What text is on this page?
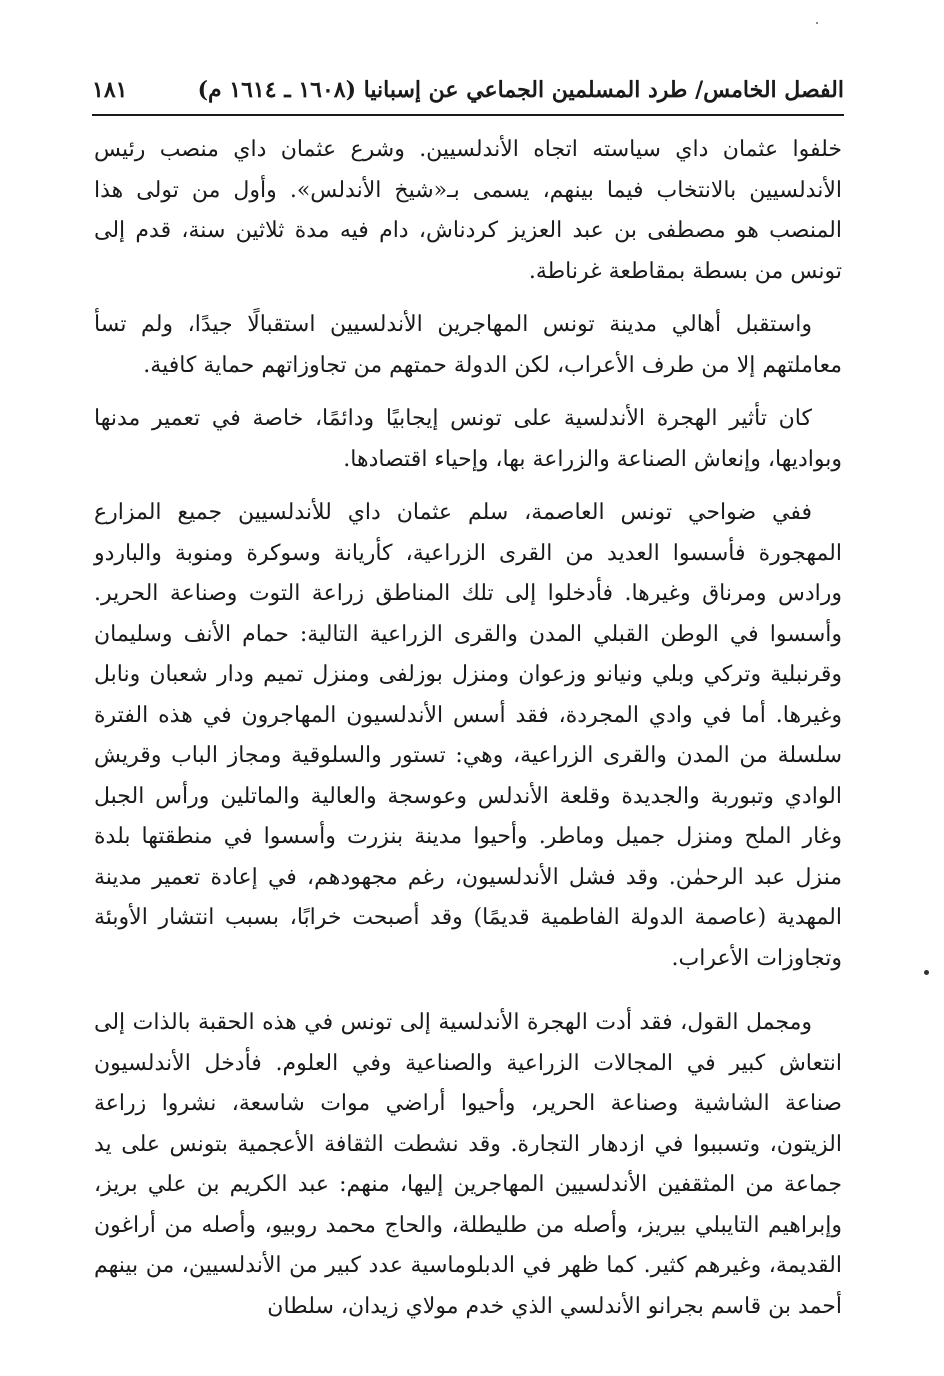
الفصل الخامس/ طرد المسلمين الجماعي عن إسبانيا (١٦٠٨ ـ ١٦١٤ م)
١٨١

خلفوا عثمان داي سياسته اتجاه الأندلسيين. وشرع عثمان داي منصب رئيس الأندلسيين بالانتخاب فيما بينهم، يسمى بـ«شيخ الأندلس». وأول من تولى هذا المنصب هو مصطفى بن عبد العزيز كردناش، دام فيه مدة ثلاثين سنة، قدم إلى تونس من بسطة بمقاطعة غرناطة.

واستقبل أهالي مدينة تونس المهاجرين الأندلسيين استقبالًا جيدًا، ولم تسأ معاملتهم إلا من طرف الأعراب، لكن الدولة حمتهم من تجاوزاتهم حماية كافية.

كان تأثير الهجرة الأندلسية على تونس إيجابيًا ودائمًا، خاصة في تعمير مدنها وبواديها، وإنعاش الصناعة والزراعة بها، وإحياء اقتصادها.

ففي ضواحي تونس العاصمة، سلم عثمان داي للأندلسيين جميع المزارع المهجورة فأسسوا العديد من القرى الزراعية، كأريانة وسوكرة ومنوبة والباردو ورادس ومرناق وغيرها. فأدخلوا إلى تلك المناطق زراعة التوت وصناعة الحرير. وأسسوا في الوطن القبلي المدن والقرى الزراعية التالية: حمام الأنف وسليمان وقرنبلية وتركي وبلي ونيانو وزعوان ومنزل بوزلفى ومنزل تميم ودار شعبان ونابل وغيرها. أما في وادي المجردة، فقد أسس الأندلسيون المهاجرون في هذه الفترة سلسلة من المدن والقرى الزراعية، وهي: تستور والسلوقية ومجاز الباب وقريش الوادي وتبوربة والجديدة وقلعة الأندلس وعوسجة والعالية والماتلين ورأس الجبل وغار الملح ومنزل جميل وماطر. وأحيوا مدينة بنزرت وأسسوا في منطقتها بلدة منزل عبد الرحمٰن. وقد فشل الأندلسيون، رغم مجهودهم، في إعادة تعمير مدينة المهدية (عاصمة الدولة الفاطمية قديمًا) وقد أصبحت خرابًا، بسبب انتشار الأوبئة وتجاوزات الأعراب.

ومجمل القول، فقد أدت الهجرة الأندلسية إلى تونس في هذه الحقبة بالذات إلى انتعاش كبير في المجالات الزراعية والصناعية وفي العلوم. فأدخل الأندلسيون صناعة الشاشية وصناعة الحرير، وأحيوا أراضي موات شاسعة، نشروا زراعة الزيتون، وتسببوا في ازدهار التجارة. وقد نشطت الثقافة الأعجمية بتونس على يد جماعة من المثقفين الأندلسيين المهاجرين إليها، منهم: عبد الكريم بن علي بريز، وإبراهيم التايبلي بيريز، وأصله من طليطلة، والحاج محمد روبيو، وأصله من أراغون القديمة، وغيرهم كثير. كما ظهر في الدبلوماسية عدد كبير من الأندلسيين، من بينهم أحمد بن قاسم بجرانو الأندلسي الذي خدم مولاي زيدان، سلطان
